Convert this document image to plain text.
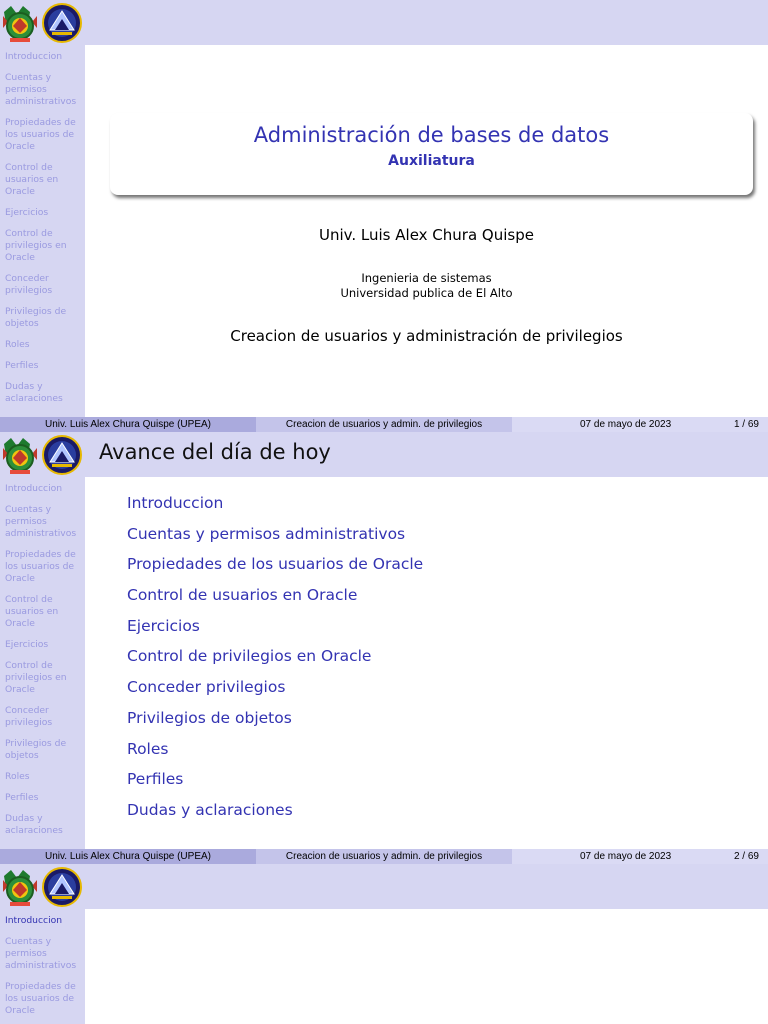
Introduccion
Cuentas y
permisos
administrativos
Propiedades de
los usuarios de
Oracle
Control de
usuarios en
Oracle
Ejercicios
Control de
privilegios en
Oracle
Conceder
privilegios
Privilegios de
objetos
Roles
Perfiles
Dudas y
aclaraciones
Administración de bases de datos
Auxiliatura
Univ. Luis Alex Chura Quispe
Ingenieria de sistemas
Universidad publica de El Alto
Creacion de usuarios y administración de privilegios
Univ. Luis Alex Chura Quispe (UPEA)	Creacion de usuarios y admin. de privilegios	07 de mayo de 2023	1 / 69
Avance del día de hoy
Introduccion
Cuentas y
permisos
administrativos
Propiedades de
los usuarios de
Oracle
Control de
usuarios en
Oracle
Ejercicios
Control de
privilegios en
Oracle
Conceder
privilegios
Privilegios de
objetos
Roles
Perfiles
Dudas y
aclaraciones
Introduccion
Cuentas y permisos administrativos
Propiedades de los usuarios de Oracle
Control de usuarios en Oracle
Ejercicios
Control de privilegios en Oracle
Conceder privilegios
Privilegios de objetos
Roles
Perfiles
Dudas y aclaraciones
Univ. Luis Alex Chura Quispe (UPEA)	Creacion de usuarios y admin. de privilegios	07 de mayo de 2023	2 / 69
Introduccion
Cuentas y
permisos
administrativos
Propiedades de
los usuarios de
Oracle
